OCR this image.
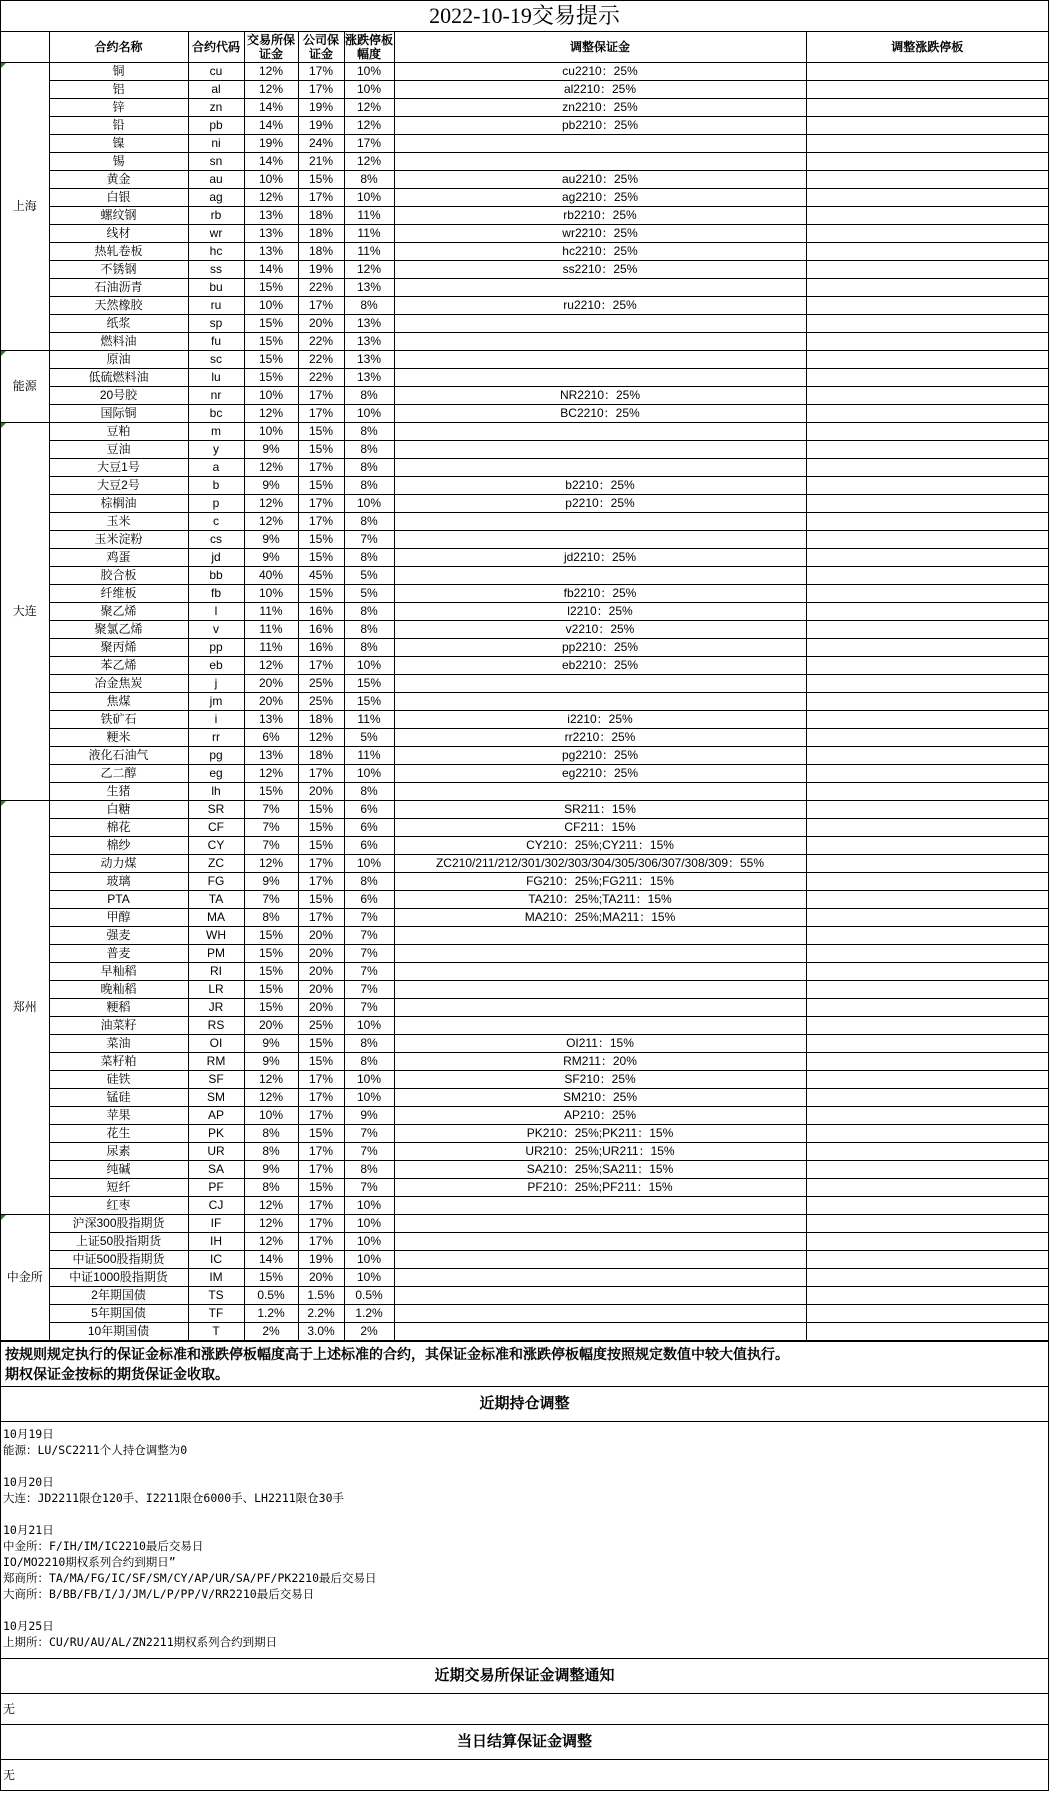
2022-10-19交易提示
	合约名称	合约代码	交易所保证金	公司保证金	涨跌停板幅度	调整保证金	调整涨跌停板

上海	铜	cu	12%	17%	10%	cu2210：25%	
	铝	al	12%	17%	10%	al2210：25%	
	锌	zn	14%	19%	12%	zn2210：25%	
	铅	pb	14%	19%	12%	pb2210：25%	
	镍	ni	19%	24%	17%		
	锡	sn	14%	21%	12%		
	黄金	au	10%	15%	8%	au2210：25%	
	白银	ag	12%	17%	10%	ag2210：25%	
	螺纹钢	rb	13%	18%	11%	rb2210：25%	
	线材	wr	13%	18%	11%	wr2210：25%	
	热轧卷板	hc	13%	18%	11%	hc2210：25%	
	不锈钢	ss	14%	19%	12%	ss2210：25%	
	石油沥青	bu	15%	22%	13%		
	天然橡胶	ru	10%	17%	8%	ru2210：25%	
	纸浆	sp	15%	20%	13%		
	燃料油	fu	15%	22%	13%		

能源	原油	sc	15%	22%	13%		
	低硫燃料油	lu	15%	22%	13%		
	20号胶	nr	10%	17%	8%	NR2210：25%	
	国际铜	bc	12%	17%	10%	BC2210：25%	

大连	豆粕	m	10%	15%	8%		
	豆油	y	9%	15%	8%		
	大豆1号	a	12%	17%	8%		
	大豆2号	b	9%	15%	8%	b2210：25%	
	棕榈油	p	12%	17%	10%	p2210：25%	
	玉米	c	12%	17%	8%		
	玉米淀粉	cs	9%	15%	7%		
	鸡蛋	jd	9%	15%	8%	jd2210：25%	
	胶合板	bb	40%	45%	5%		
	纤维板	fb	10%	15%	5%	fb2210：25%	
	聚乙烯	l	11%	16%	8%	l2210：25%	
	聚氯乙烯	v	11%	16%	8%	v2210：25%	
	聚丙烯	pp	11%	16%	8%	pp2210：25%	
	苯乙烯	eb	12%	17%	10%	eb2210：25%	
	冶金焦炭	j	20%	25%	15%		
	焦煤	jm	20%	25%	15%		
	铁矿石	i	13%	18%	11%	i2210：25%	
	粳米	rr	6%	12%	5%	rr2210：25%	
	液化石油气	pg	13%	18%	11%	pg2210：25%	
	乙二醇	eg	12%	17%	10%	eg2210：25%	
	生猪	lh	15%	20%	8%		

郑州	白糖	SR	7%	15%	6%	SR211：15%	
	棉花	CF	7%	15%	6%	CF211：15%	
	棉纱	CY	7%	15%	6%	CY210：25%;CY211：15%	
	动力煤	ZC	12%	17%	10%	ZC210/211/212/301/302/303/304/305/306/307/308/309：55%	
	玻璃	FG	9%	17%	8%	FG210：25%;FG211：15%	
	PTA	TA	7%	15%	6%	TA210：25%;TA211：15%	
	甲醇	MA	8%	17%	7%	MA210：25%;MA211：15%	
	强麦	WH	15%	20%	7%		
	普麦	PM	15%	20%	7%		
	早籼稻	RI	15%	20%	7%		
	晚籼稻	LR	15%	20%	7%		
	粳稻	JR	15%	20%	7%		
	油菜籽	RS	20%	25%	10%		
	菜油	OI	9%	15%	8%	OI211：15%	
	菜籽粕	RM	9%	15%	8%	RM211：20%	
	硅铁	SF	12%	17%	10%	SF210：25%	
	锰硅	SM	12%	17%	10%	SM210：25%	
	苹果	AP	10%	17%	9%	AP210：25%	
	花生	PK	8%	15%	7%	PK210：25%;PK211：15%	
	尿素	UR	8%	17%	7%	UR210：25%;UR211：15%	
	纯碱	SA	9%	17%	8%	SA210：25%;SA211：15%	
	短纤	PF	8%	15%	7%	PF210：25%;PF211：15%	
	红枣	CJ	12%	17%	10%		

中金所	沪深300股指期货	IF	12%	17%	10%		
	上证50股指期货	IH	12%	17%	10%		
	中证500股指期货	IC	14%	19%	10%		
	中证1000股指期货	IM	15%	20%	10%		
	2年期国债	TS	0.5%	1.5%	0.5%		
	5年期国债	TF	1.2%	2.2%	1.2%		
	10年期国债	T	2%	3.0%	2%		
按规则规定执行的保证金标准和涨跌停板幅度高于上述标准的合约，其保证金标准和涨跌停板幅度按照规定数值中较大值执行。
期权保证金按标的期货保证金收取。
近期持仓调整
10月19日
能源：LU/SC2211个人持仓调整为0
10月20日
大连：JD2211限仓120手、I2211限仓6000手、LH2211限仓30手
10月21日
中金所：F/IH/IM/IC2210最后交易日
IO/MO2210期权系列合约到期日”
郑商所：TA/MA/FG/IC/SF/SM/CY/AP/UR/SA/PF/PK2210最后交易日
大商所：B/BB/FB/I/J/JM/L/P/PP/V/RR2210最后交易日
10月25日
上期所：CU/RU/AU/AL/ZN2211期权系列合约到期日
近期交易所保证金调整通知
无
当日结算保证金调整
无
